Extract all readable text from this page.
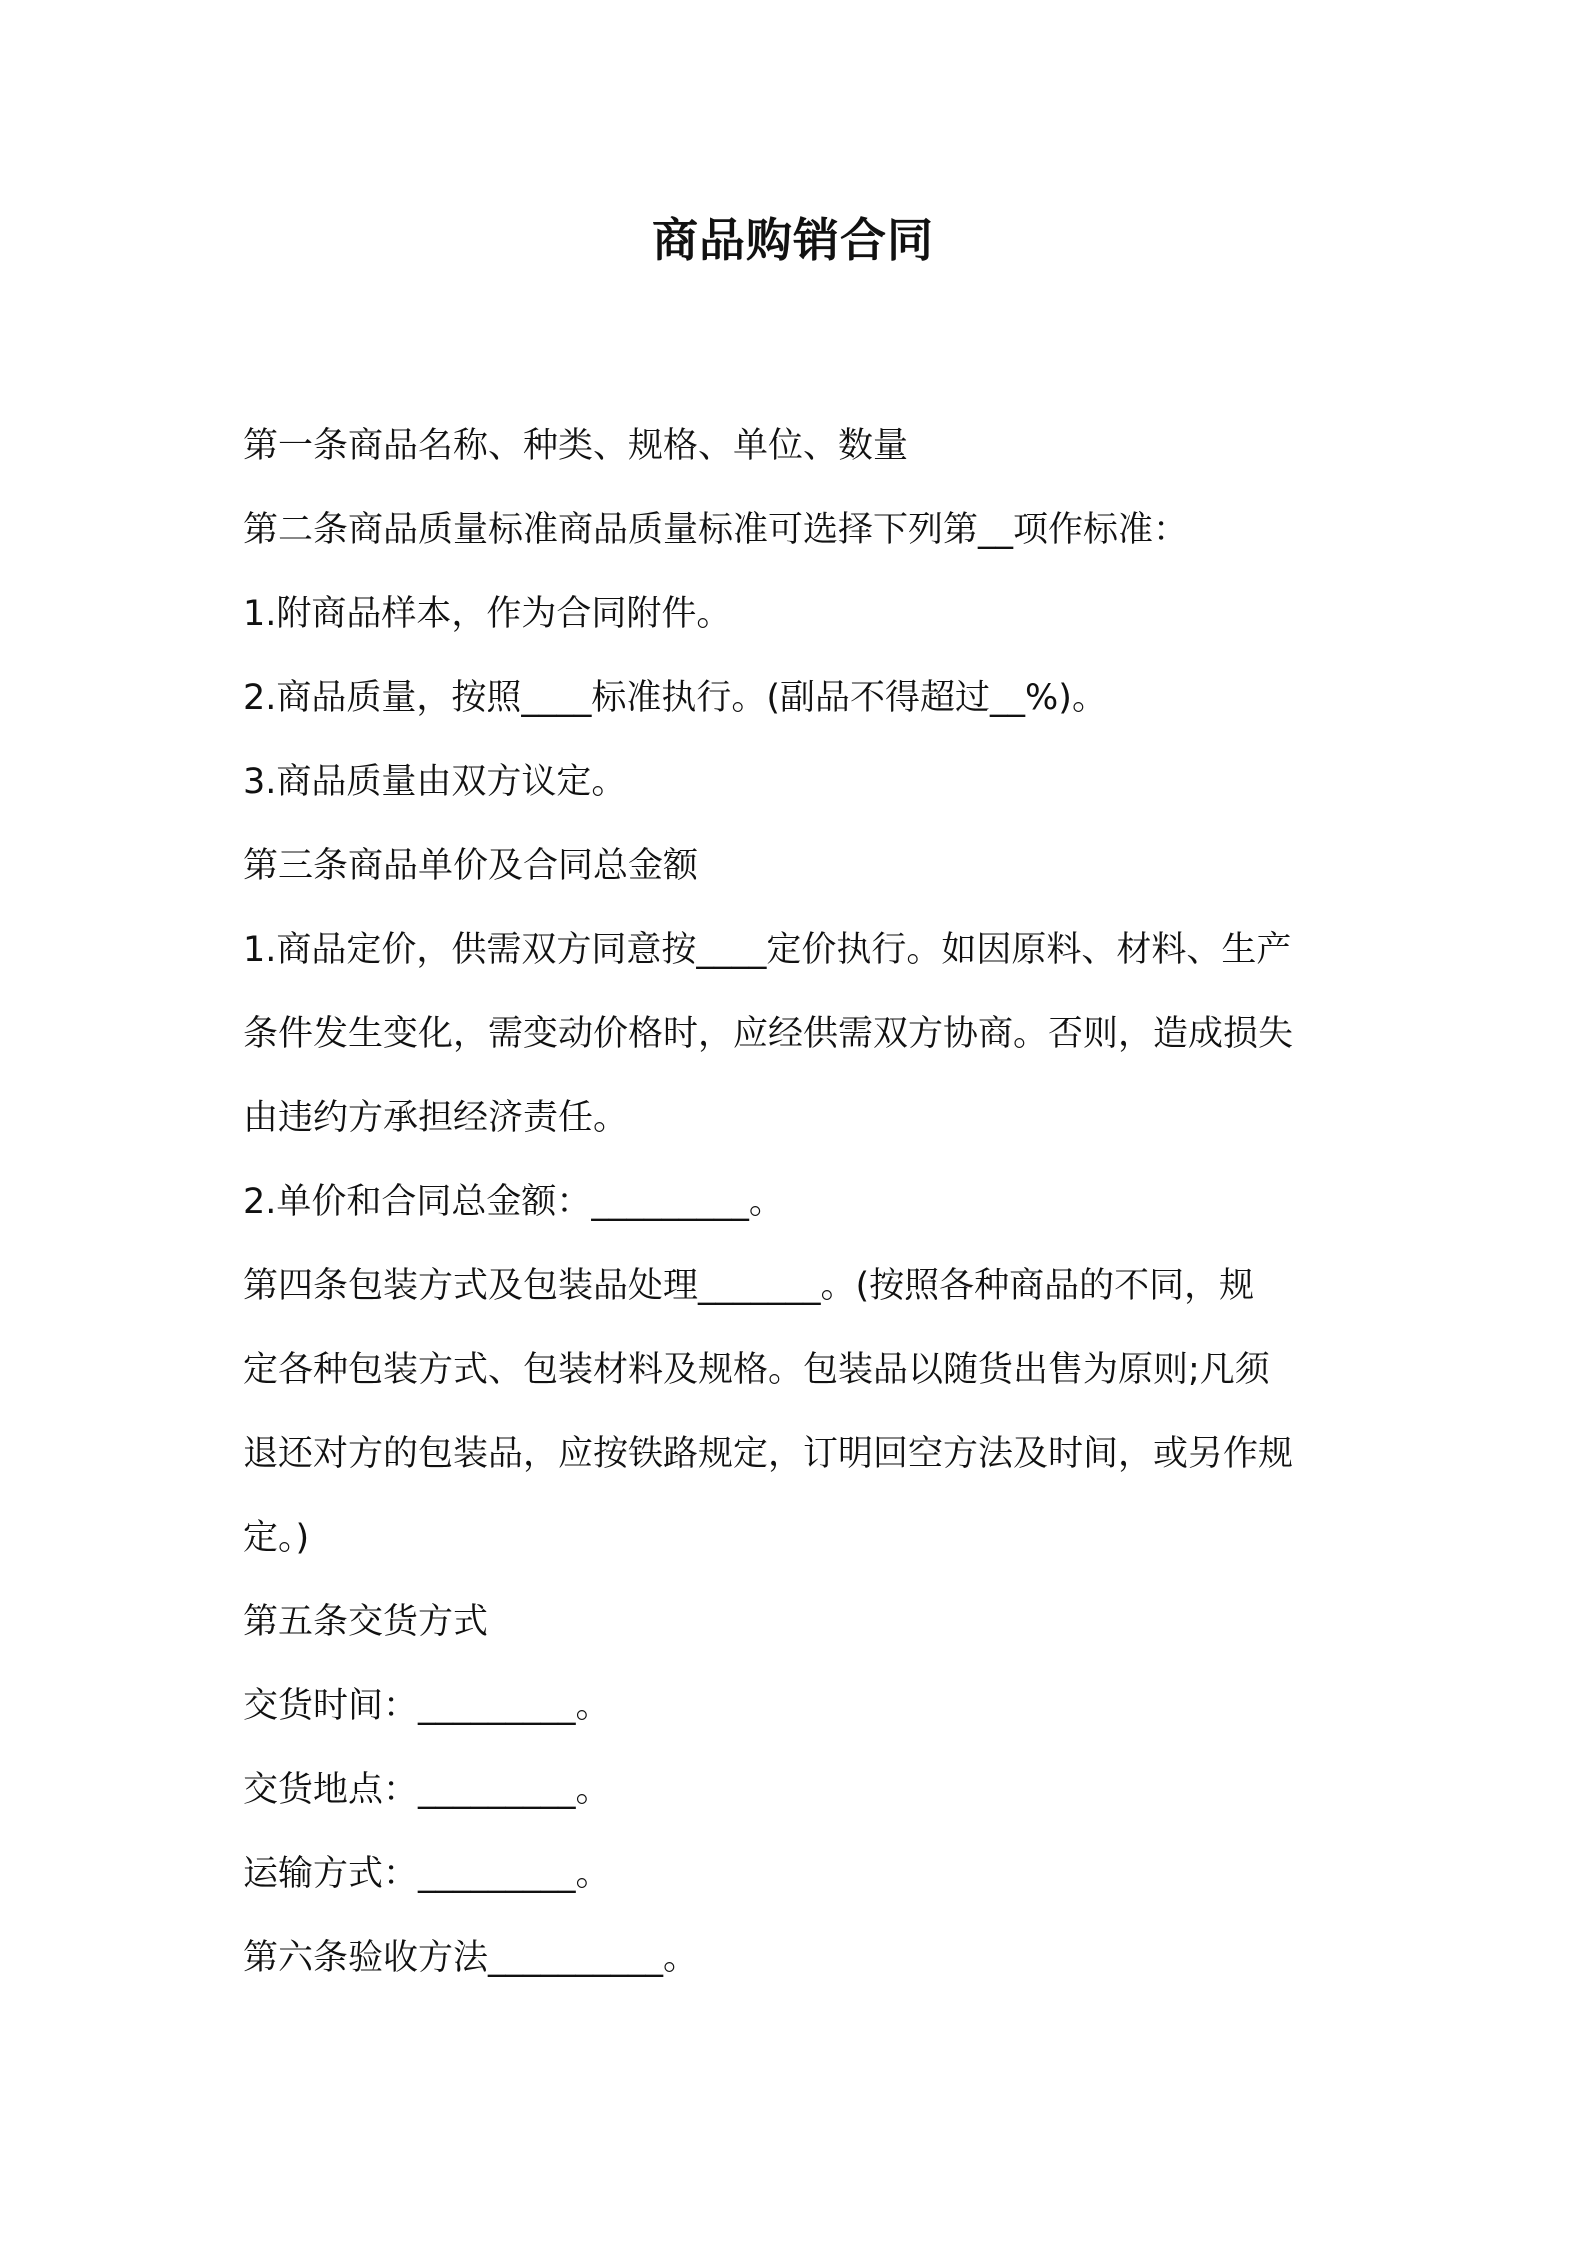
商品购销合同
第一条商品名称、种类、规格、单位、数量
第二条商品质量标准商品质量标准可选择下列第__项作标准：
1.附商品样本，作为合同附件。
2.商品质量，按照____标准执行。(副品不得超过__%)。
3.商品质量由双方议定。
第三条商品单价及合同总金额
1.商品定价，供需双方同意按____定价执行。如因原料、材料、生产
条件发生变化，需变动价格时，应经供需双方协商。否则，造成损失
由违约方承担经济责任。
2.单价和合同总金额：_________。
第四条包装方式及包装品处理_______。(按照各种商品的不同，规
定各种包装方式、包装材料及规格。包装品以随货出售为原则;凡须
退还对方的包装品，应按铁路规定，订明回空方法及时间，或另作规
定。)
第五条交货方式
交货时间：_________。
交货地点：_________。
运输方式：_________。
第六条验收方法__________。
